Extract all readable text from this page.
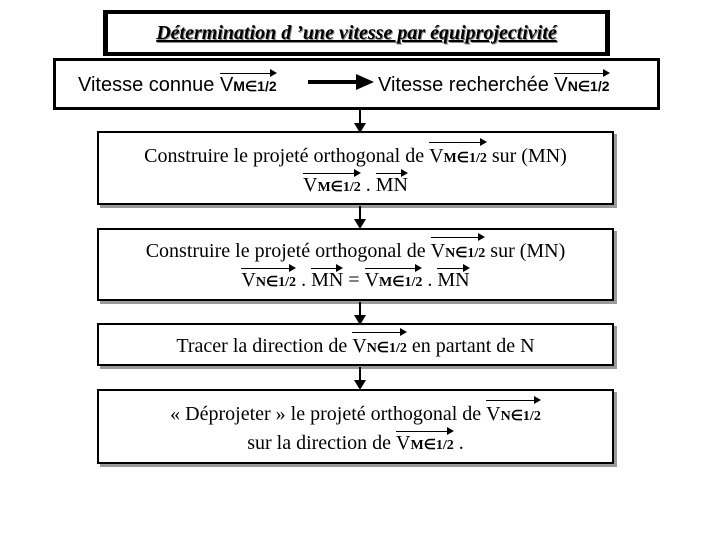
Détermination d ’une vitesse par équiprojectivité
Vitesse connue VM∈1/2	Vitesse recherchée VN∈1/2
Construire le projeté orthogonal de VM∈1/2 sur (MN)
VM∈1/2 . MN
Construire le projeté orthogonal de VN∈1/2 sur (MN)
VN∈1/2 . MN = VM∈1/2 . MN
Tracer la direction de VN∈1/2 en partant de N
« Déprojeter » le projeté orthogonal de VN∈1/2
sur la direction de VM∈1/2 .
